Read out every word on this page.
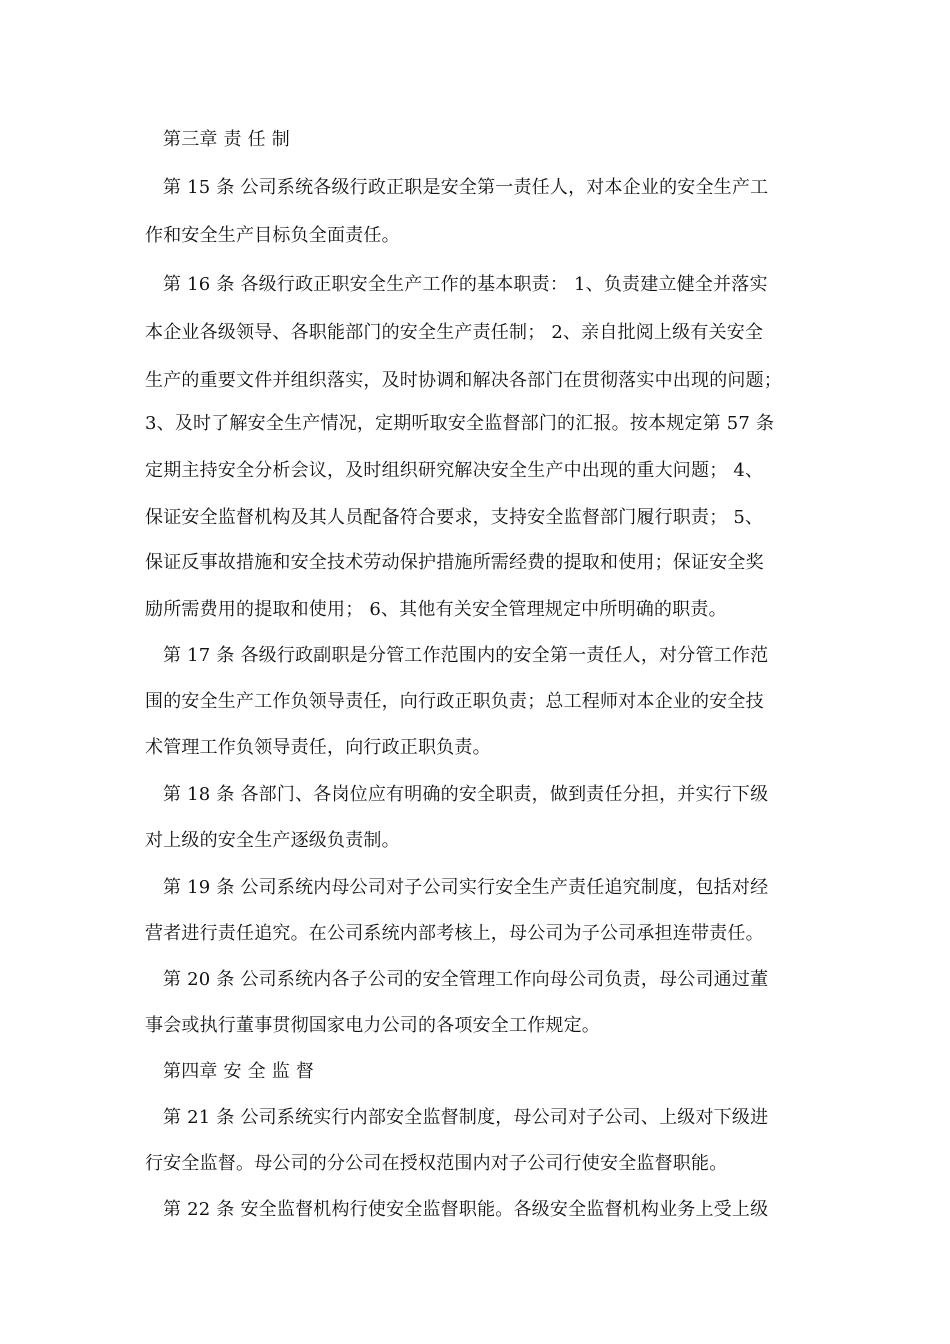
第三章 责 任 制
第 15 条 公司系统各级行政正职是安全第一责任人，对本企业的安全生产工
作和安全生产目标负全面责任。
第 16 条 各级行政正职安全生产工作的基本职责： 1、负责建立健全并落实
本企业各级领导、各职能部门的安全生产责任制； 2、亲自批阅上级有关安全
生产的重要文件并组织落实，及时协调和解决各部门在贯彻落实中出现的问题；
3、及时了解安全生产情况，定期听取安全监督部门的汇报。按本规定第 57 条
定期主持安全分析会议，及时组织研究解决安全生产中出现的重大问题； 4、
保证安全监督机构及其人员配备符合要求，支持安全监督部门履行职责； 5、
保证反事故措施和安全技术劳动保护措施所需经费的提取和使用；保证安全奖
励所需费用的提取和使用； 6、其他有关安全管理规定中所明确的职责。
第 17 条 各级行政副职是分管工作范围内的安全第一责任人，对分管工作范
围的安全生产工作负领导责任，向行政正职负责；总工程师对本企业的安全技
术管理工作负领导责任，向行政正职负责。
第 18 条 各部门、各岗位应有明确的安全职责，做到责任分担，并实行下级
对上级的安全生产逐级负责制。
第 19 条 公司系统内母公司对子公司实行安全生产责任追究制度，包括对经
营者进行责任追究。在公司系统内部考核上，母公司为子公司承担连带责任。
第 20 条 公司系统内各子公司的安全管理工作向母公司负责，母公司通过董
事会或执行董事贯彻国家电力公司的各项安全工作规定。
第四章 安 全 监 督
第 21 条 公司系统实行内部安全监督制度，母公司对子公司、上级对下级进
行安全监督。母公司的分公司在授权范围内对子公司行使安全监督职能。
第 22 条 安全监督机构行使安全监督职能。各级安全监督机构业务上受上级
